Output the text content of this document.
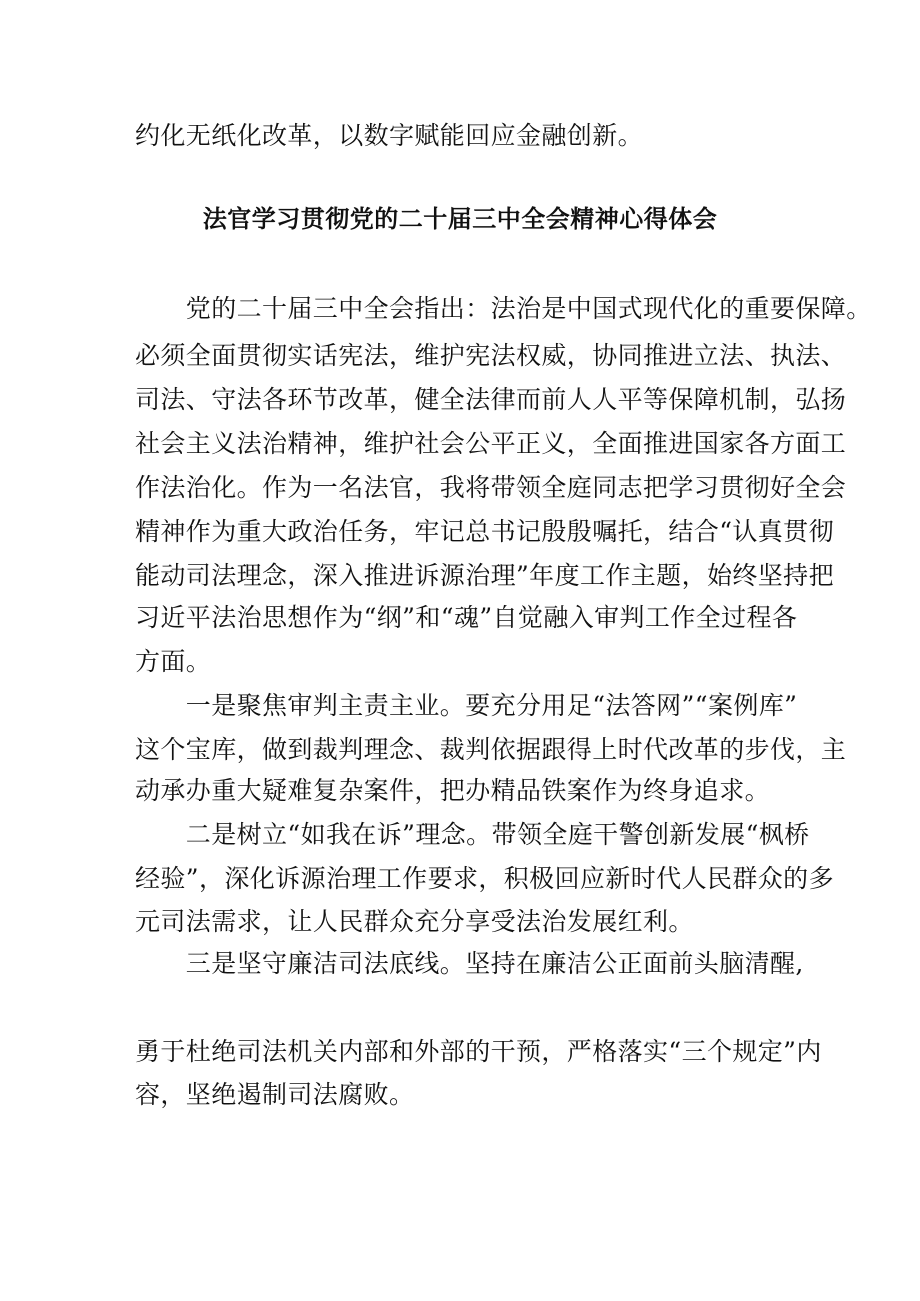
约化无纸化改革，以数字赋能回应金融创新。
法官学习贯彻党的二十届三中全会精神心得体会
　　党的二十届三中全会指出：法治是中国式现代化的重要保障。
必须全面贯彻实话宪法，维护宪法权威，协同推进立法、执法、
司法、守法各环节改革，健全法律而前人人平等保障机制，弘扬
社会主义法治精神，维护社会公平正义，全面推进国家各方面工
作法治化。作为一名法官，我将带领全庭同志把学习贯彻好全会
精神作为重大政治任务，牢记总书记殷殷嘱托，结合“认真贯彻
能动司法理念，深入推进诉源治理”年度工作主题，始终坚持把
习近平法治思想作为“纲”和“魂”自觉融入审判工作全过程各
方面。
　　一是聚焦审判主责主业。要充分用足“法答网”“案例库”
这个宝库，做到裁判理念、裁判依据跟得上时代改革的步伐，主
动承办重大疑难复杂案件，把办精品铁案作为终身追求。
　　二是树立“如我在诉”理念。带领全庭干警创新发展“枫桥
经验”，深化诉源治理工作要求，积极回应新时代人民群众的多
元司法需求，让人民群众充分享受法治发展红利。
　　三是坚守廉洁司法底线。坚持在廉洁公正面前头脑清醒,
勇于杜绝司法机关内部和外部的干预，严格落实“三个规定”内
容，坚绝遏制司法腐败。
